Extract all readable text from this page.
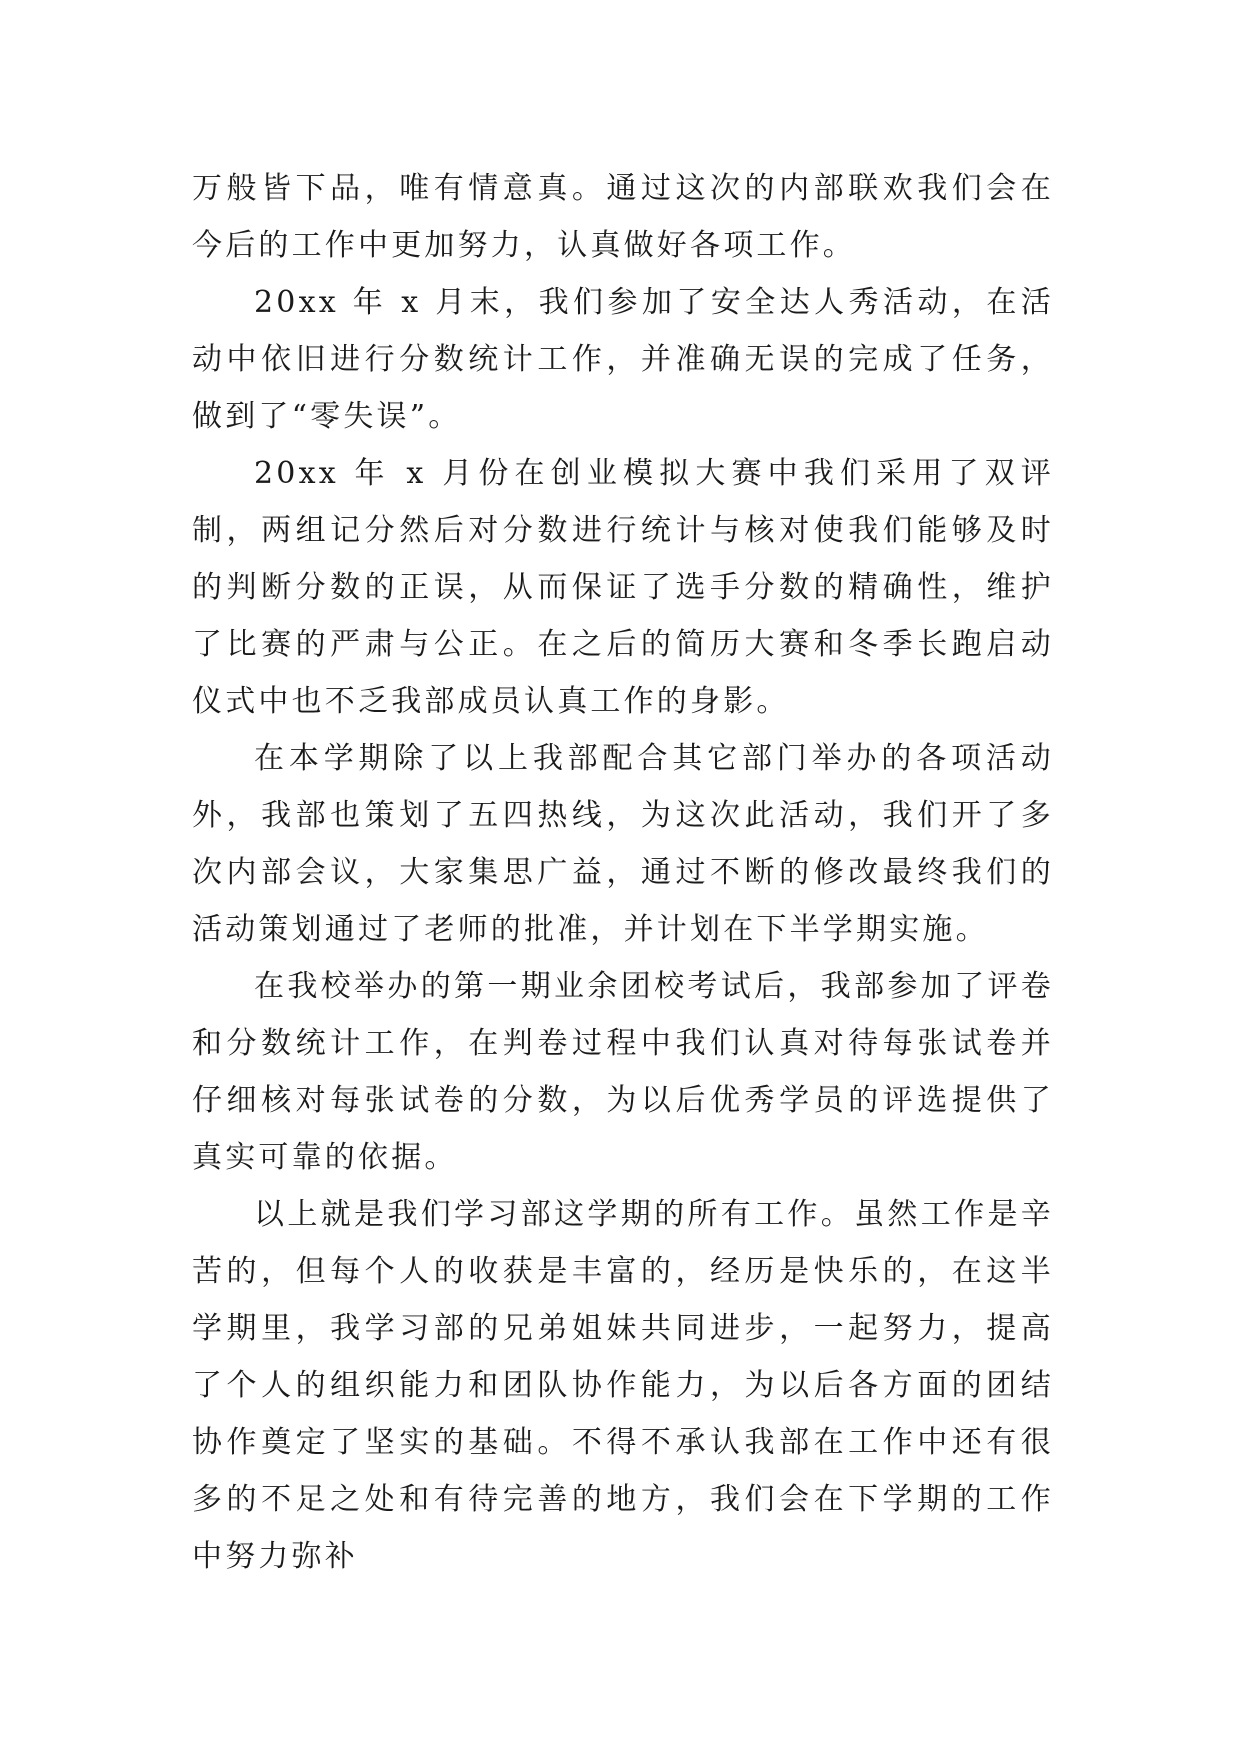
万般皆下品，唯有情意真。通过这次的内部联欢我们会在今后的工作中更加努力，认真做好各项工作。

20xx 年 x 月末，我们参加了安全达人秀活动，在活动中依旧进行分数统计工作，并准确无误的完成了任务，做到了“零失误”。

20xx 年 x 月份在创业模拟大赛中我们采用了双评制，两组记分然后对分数进行统计与核对使我们能够及时的判断分数的正误，从而保证了选手分数的精确性，维护了比赛的严肃与公正。在之后的简历大赛和冬季长跑启动仪式中也不乏我部成员认真工作的身影。

在本学期除了以上我部配合其它部门举办的各项活动外，我部也策划了五四热线，为这次此活动，我们开了多次内部会议，大家集思广益，通过不断的修改最终我们的活动策划通过了老师的批准，并计划在下半学期实施。

在我校举办的第一期业余团校考试后，我部参加了评卷和分数统计工作，在判卷过程中我们认真对待每张试卷并仔细核对每张试卷的分数，为以后优秀学员的评选提供了真实可靠的依据。

以上就是我们学习部这学期的所有工作。虽然工作是辛苦的，但每个人的收获是丰富的，经历是快乐的，在这半学期里，我学习部的兄弟姐妹共同进步，一起努力，提高了个人的组织能力和团队协作能力，为以后各方面的团结协作奠定了坚实的基础。不得不承认我部在工作中还有很多的不足之处和有待完善的地方，我们会在下学期的工作中努力弥补
